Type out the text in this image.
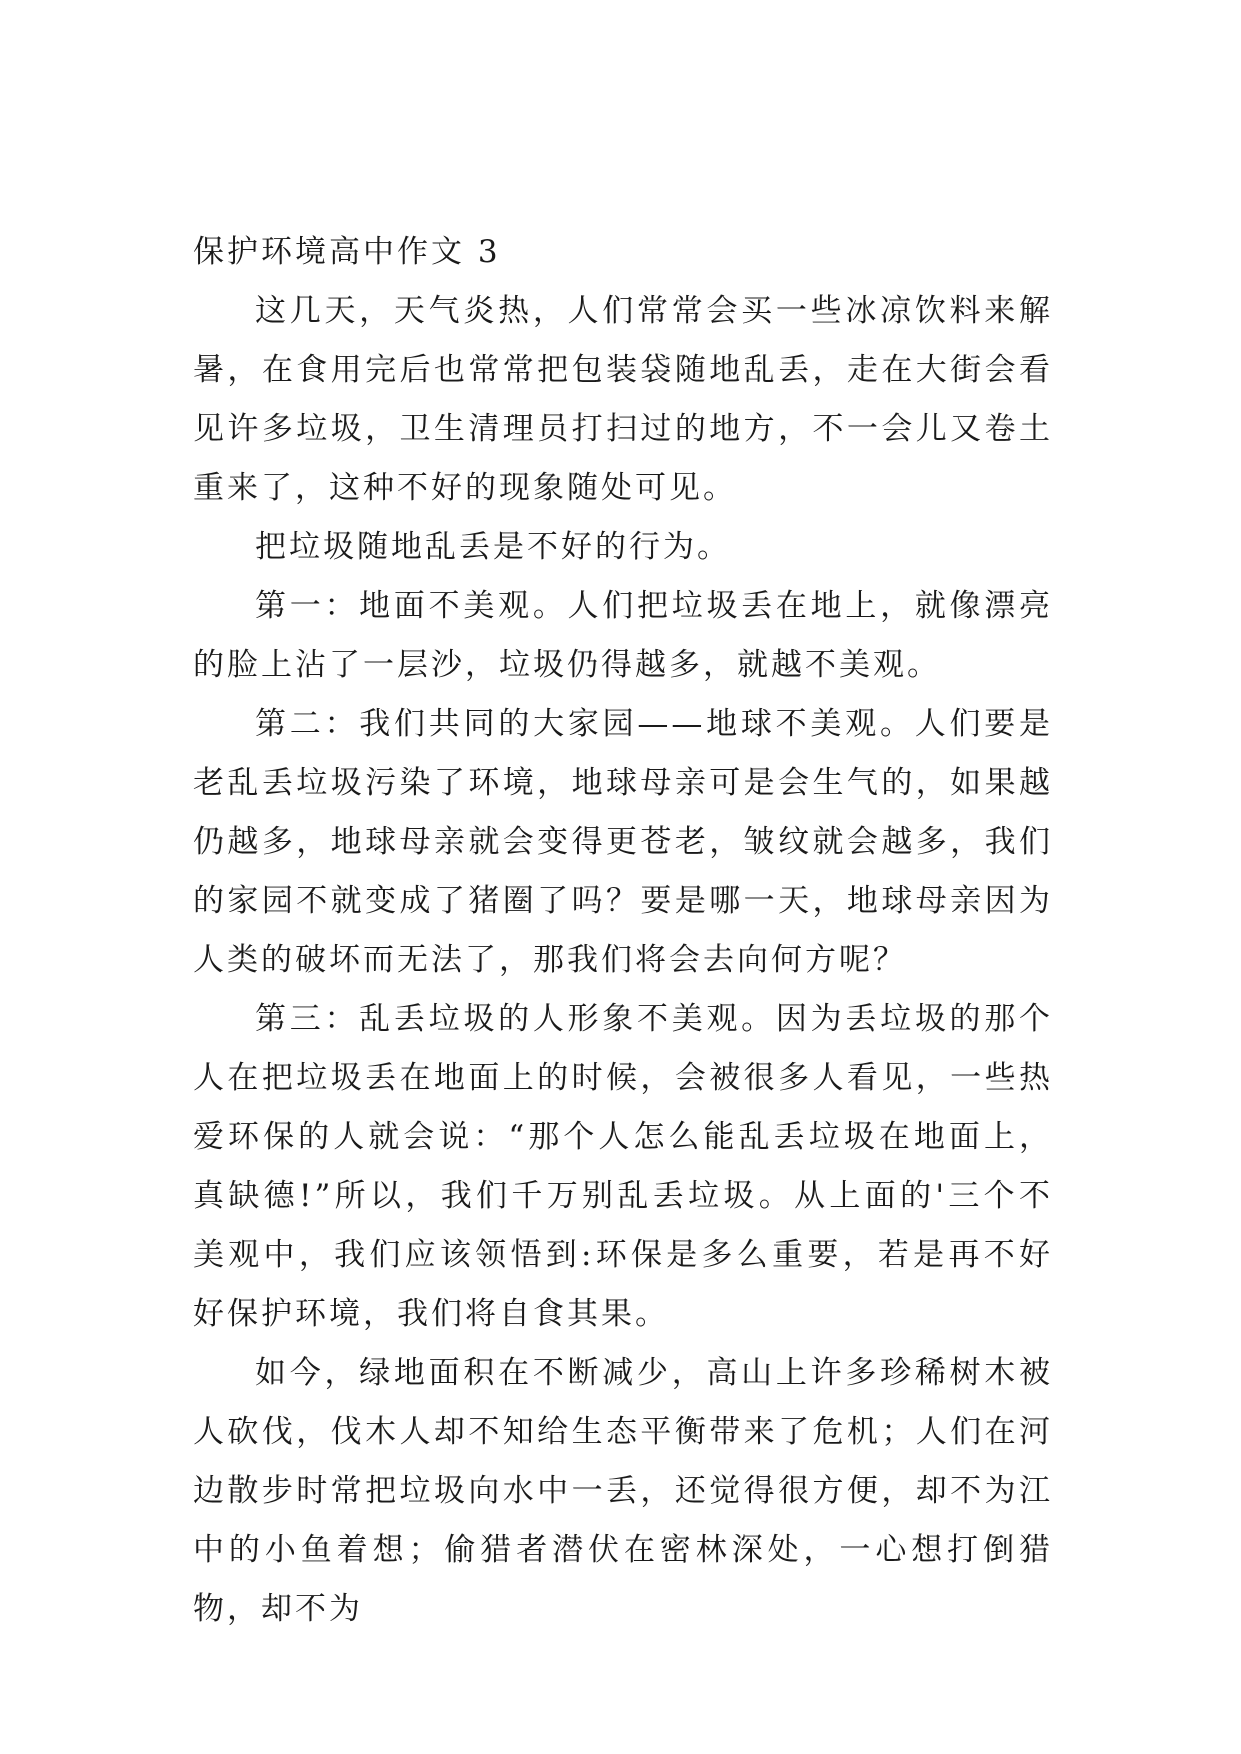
保护环境高中作文 3

这几天，天气炎热，人们常常会买一些冰凉饮料来解暑，在食用完后也常常把包装袋随地乱丢，走在大街会看见许多垃圾，卫生清理员打扫过的地方，不一会儿又卷土重来了，这种不好的现象随处可见。

把垃圾随地乱丢是不好的行为。

第一：地面不美观。人们把垃圾丢在地上，就像漂亮的脸上沾了一层沙，垃圾仍得越多，就越不美观。

第二：我们共同的大家园——地球不美观。人们要是老乱丢垃圾污染了环境，地球母亲可是会生气的，如果越仍越多，地球母亲就会变得更苍老，皱纹就会越多，我们的家园不就变成了猪圈了吗？要是哪一天，地球母亲因为人类的破坏而无法了，那我们将会去向何方呢？

第三：乱丢垃圾的人形象不美观。因为丢垃圾的那个人在把垃圾丢在地面上的时候，会被很多人看见，一些热爱环保的人就会说：“那个人怎么能乱丢垃圾在地面上，真缺德!”所以，我们千万别乱丢垃圾。从上面的'三个不美观中，我们应该领悟到:环保是多么重要，若是再不好好保护环境，我们将自食其果。

如今，绿地面积在不断减少，高山上许多珍稀树木被人砍伐，伐木人却不知给生态平衡带来了危机；人们在河边散步时常把垃圾向水中一丢，还觉得很方便，却不为江中的小鱼着想；偷猎者潜伏在密林深处，一心想打倒猎物，却不为
